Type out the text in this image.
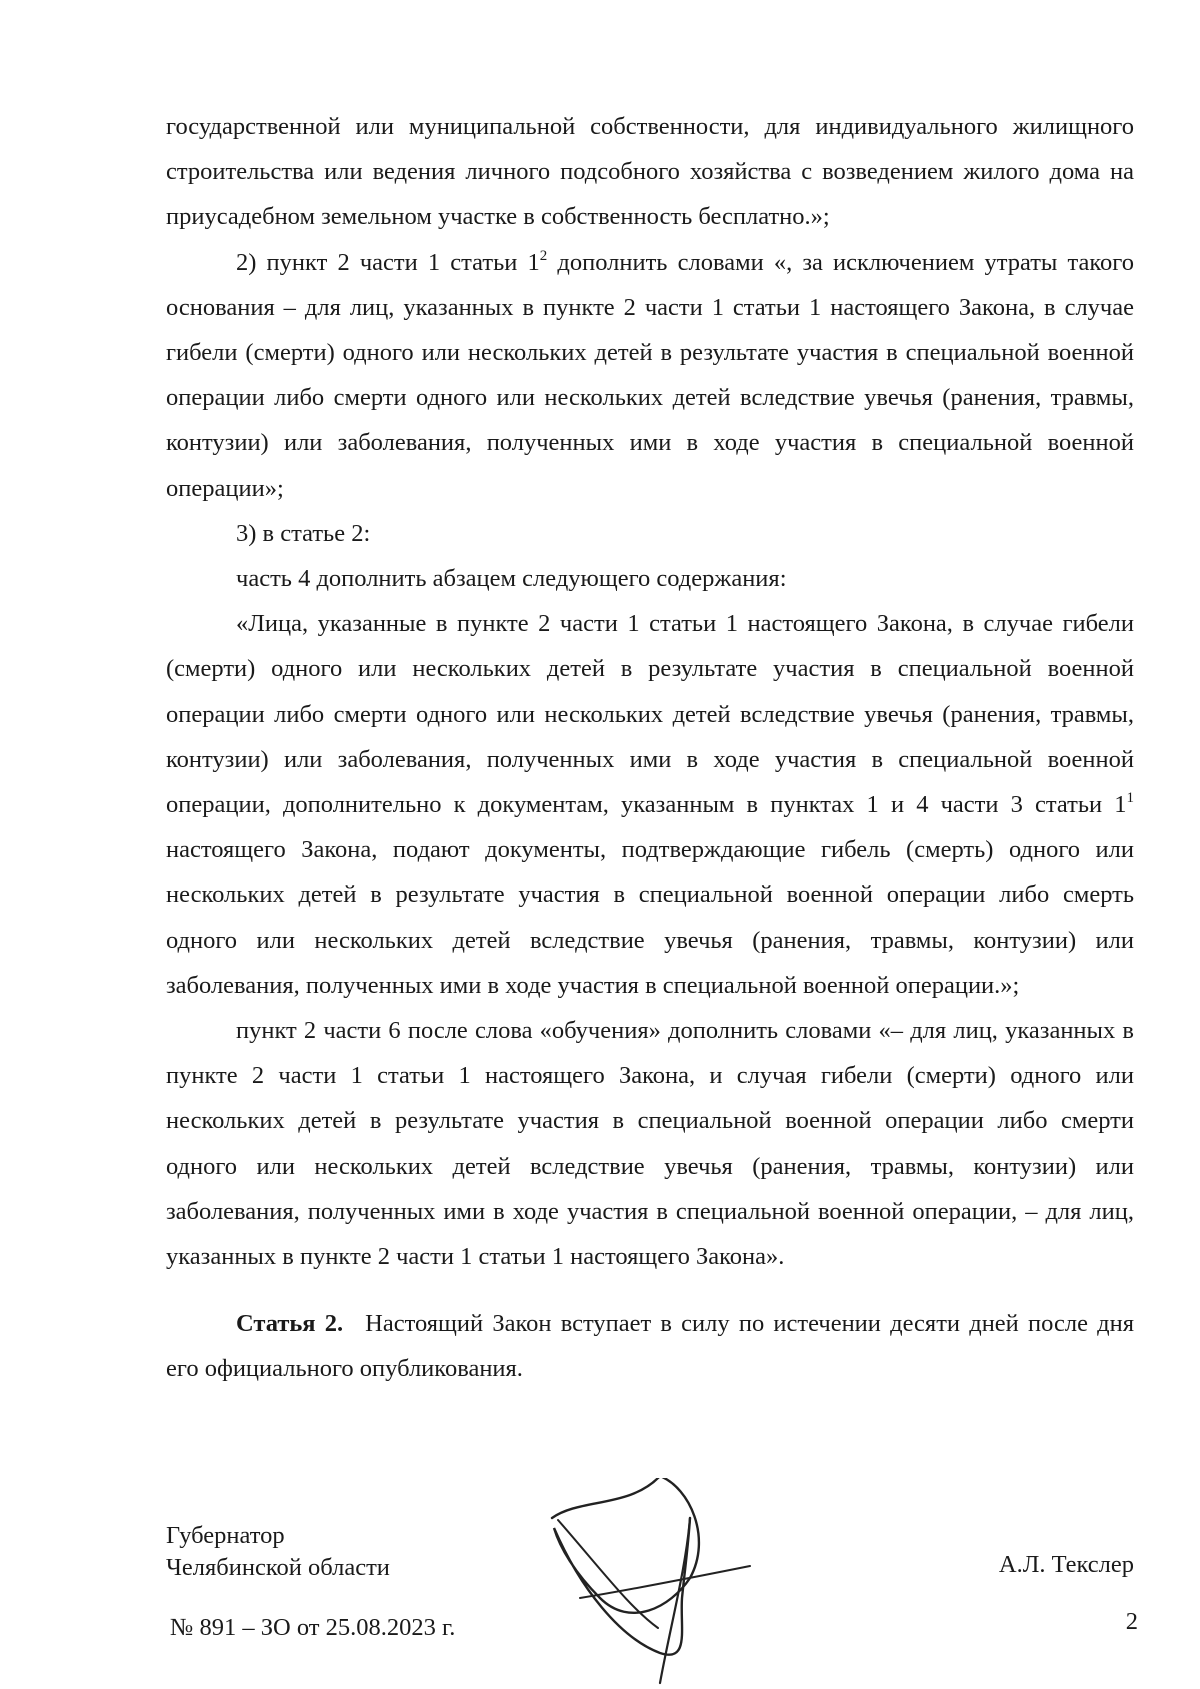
государственной или муниципальной собственности, для индивидуального жилищного строительства или ведения личного подсобного хозяйства с возведением жилого дома на приусадебном земельном участке в собственность бесплатно.»;

2) пункт 2 части 1 статьи $1^2$ дополнить словами «, за исключением утраты такого основания – для лиц, указанных в пункте 2 части 1 статьи 1 настоящего Закона, в случае гибели (смерти) одного или нескольких детей в результате участия в специальной военной операции либо смерти одного или нескольких детей вследствие увечья (ранения, травмы, контузии) или заболевания, полученных ими в ходе участия в специальной военной операции»;

3) в статье 2:

часть 4 дополнить абзацем следующего содержания:

«Лица, указанные в пункте 2 части 1 статьи 1 настоящего Закона, в случае гибели (смерти) одного или нескольких детей в результате участия в специальной военной операции либо смерти одного или нескольких детей вследствие увечья (ранения, травмы, контузии) или заболевания, полученных ими в ходе участия в специальной военной операции, дополнительно к документам, указанным в пунктах 1 и 4 части 3 статьи $1^1$ настоящего Закона, подают документы, подтверждающие гибель (смерть) одного или нескольких детей в результате участия в специальной военной операции либо смерть одного или нескольких детей вследствие увечья (ранения, травмы, контузии) или заболевания, полученных ими в ходе участия в специальной военной операции.»;

пункт 2 части 6 после слова «обучения» дополнить словами «– для лиц, указанных в пункте 2 части 1 статьи 1 настоящего Закона, и случая гибели (смерти) одного или нескольких детей в результате участия в специальной военной операции либо смерти одного или нескольких детей вследствие увечья (ранения, травмы, контузии) или заболевания, полученных ими в ходе участия в специальной военной операции, – для лиц, указанных в пункте 2 части 1 статьи 1 настоящего Закона».

Статья 2. Настоящий Закон вступает в силу по истечении десяти дней после дня его официального опубликования.

Губернатор
Челябинской области	А.Л. Текслер
№ 891 – ЗО от 25.08.2023 г.	2
